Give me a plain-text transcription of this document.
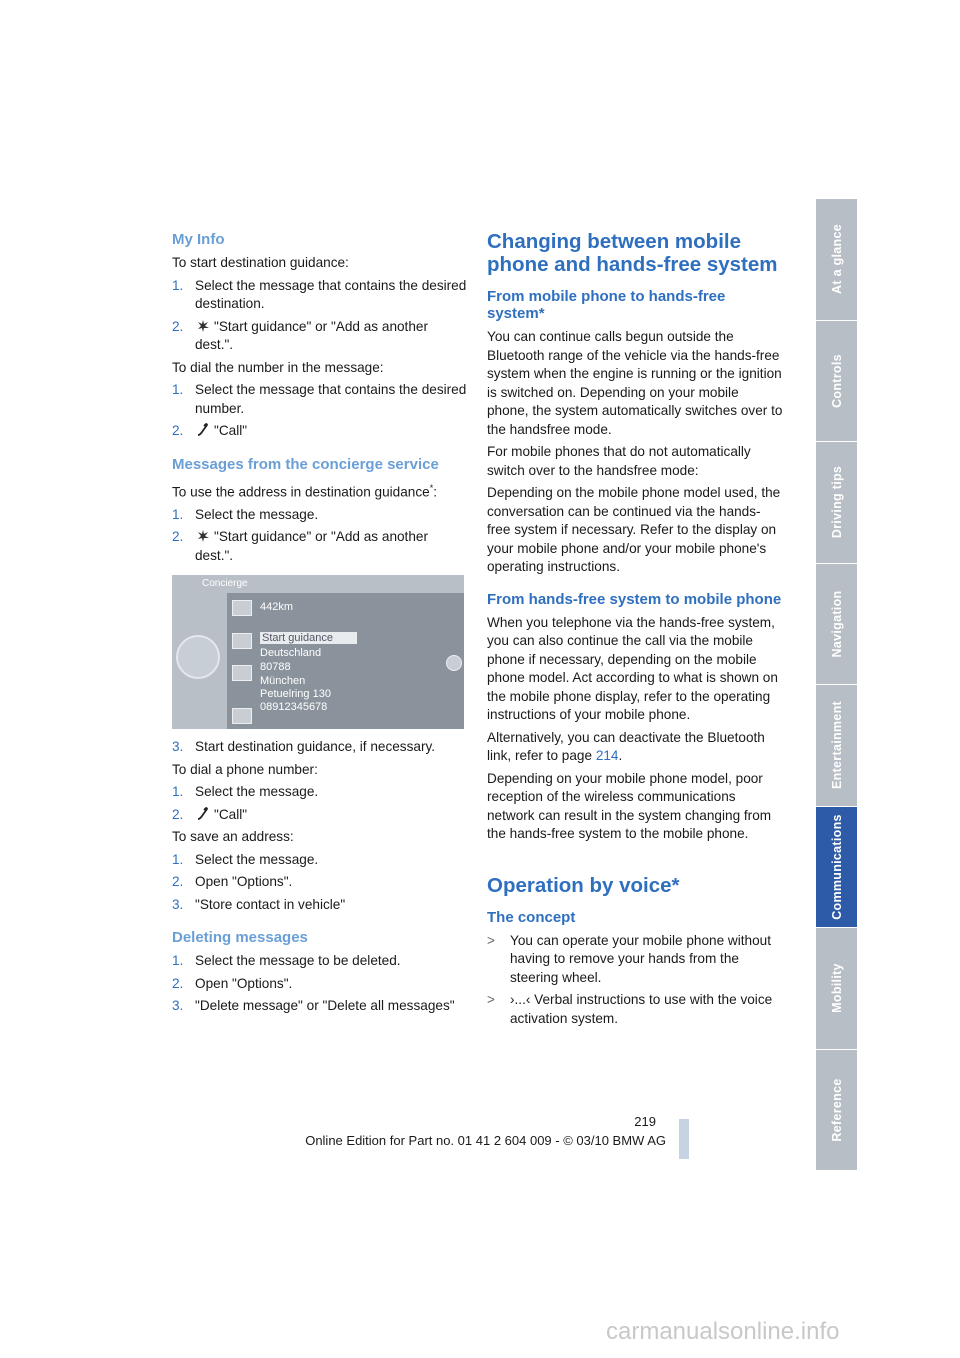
My Info

To start destination guidance:

1. Select the message that contains the desired destination.
2.	"Start guidance" or "Add as another dest.".

To dial the number in the message:

1. Select the message that contains the desired number.
2.	"Call"
Messages from the concierge service

To use the address in destination guidance*:

1. Select the message.
2.	"Start guidance" or "Add as another dest.".
Concierge
442km
Start guidance
Deutschland
80788
München
Petuelring 130
08912345678
3. Start destination guidance, if necessary.

To dial a phone number:

1. Select the message.
2.	"Call"

To save an address:

1. Select the message.
2. Open "Options".
3. "Store contact in vehicle"
Deleting messages
1. Select the message to be deleted.
2. Open "Options".
3. "Delete message" or "Delete all messages"
Changing between mobile phone and hands-free system
From mobile phone to hands-free system*

You can continue calls begun outside the Bluetooth range of the vehicle via the hands-free system when the engine is running or the ignition is switched on. Depending on your mobile phone, the system automatically switches over to the handsfree mode.

For mobile phones that do not automatically switch over to the handsfree mode:

Depending on the mobile phone model used, the conversation can be continued via the hands-free system if necessary. Refer to the display on your mobile phone and/or your mobile phone's operating instructions.

From hands-free system to mobile phone

When you telephone via the hands-free system, you can also continue the call via the mobile phone if necessary, depending on the mobile phone model. Act according to what is shown on the mobile phone display, refer to the operating instructions of your mobile phone.

Alternatively, you can deactivate the Bluetooth link, refer to page 214.

Depending on your mobile phone model, poor reception of the wireless communications network can result in the system changing from the hands-free system to the mobile phone.

Operation by voice*
The concept
>	You can operate your mobile phone without having to remove your hands from the steering wheel.
>	›...‹ Verbal instructions to use with the voice activation system.
At a glance
Controls
Driving tips
Navigation
Entertainment
Communications
Mobility
Reference
219
Online Edition for Part no. 01 41 2 604 009 - © 03/10 BMW AG
carmanualsonline.info
